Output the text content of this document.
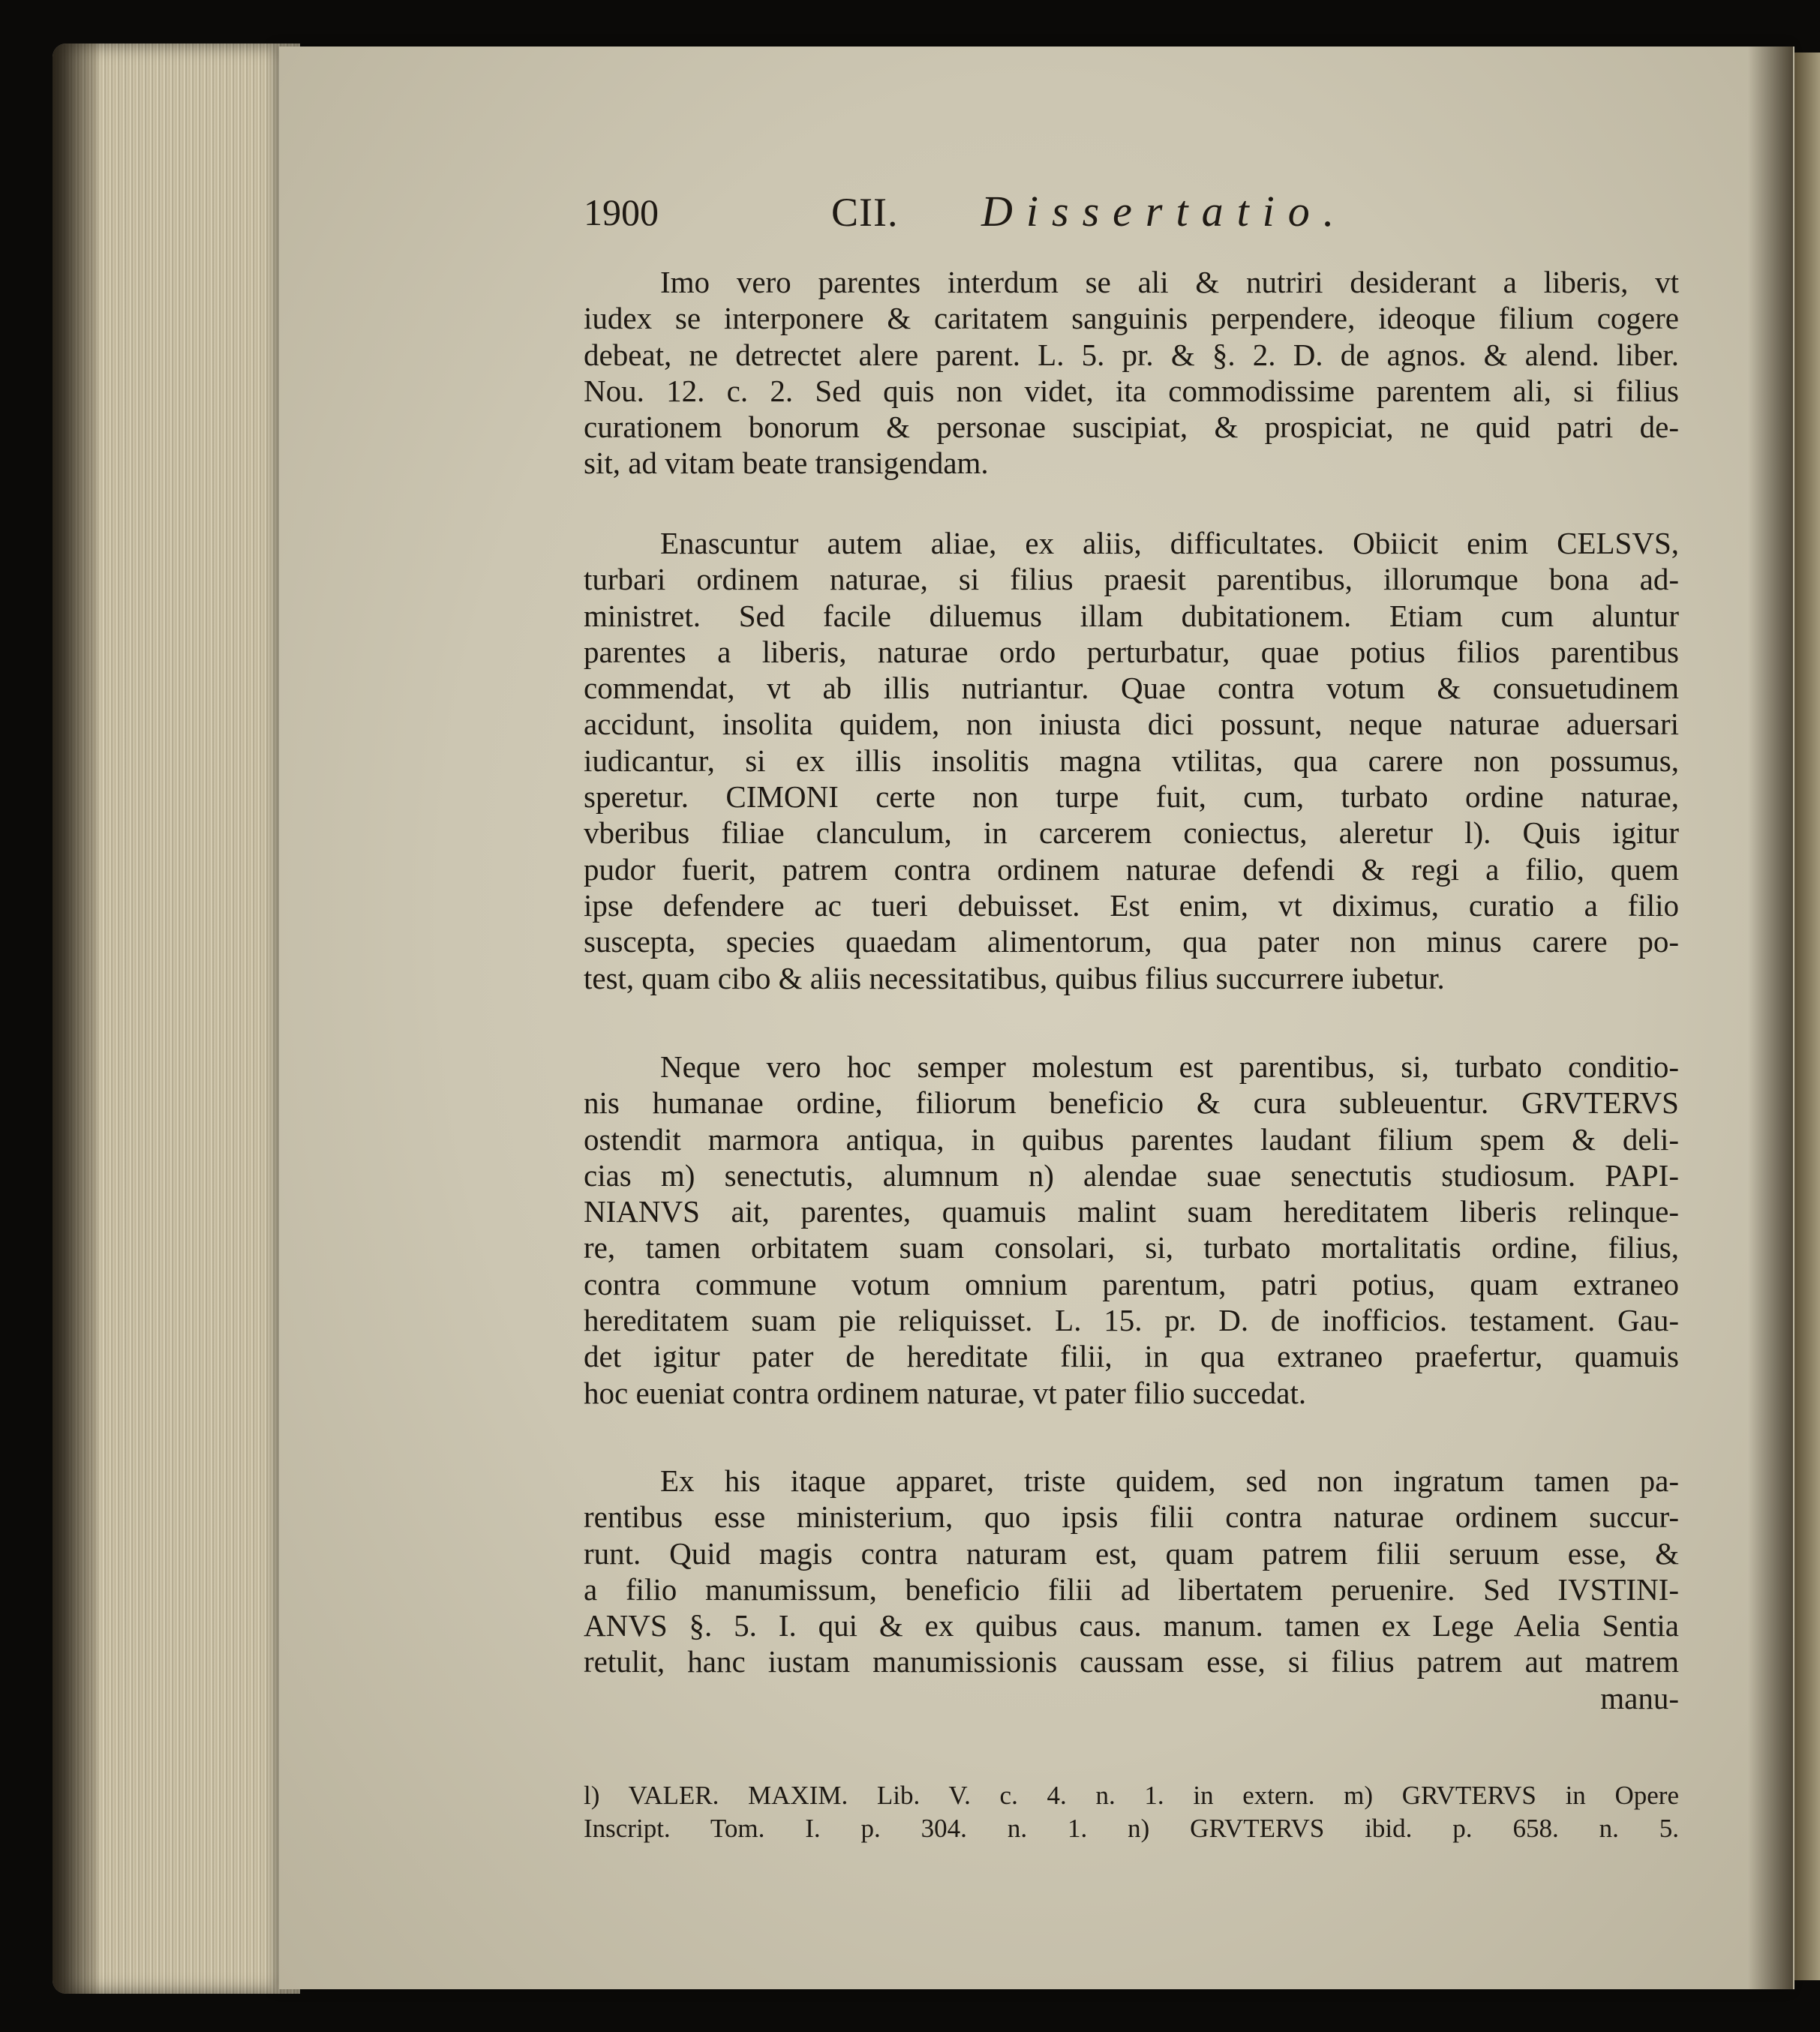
1900	CII. Dissertatio.
Imo vero parentes interdum se ali & nutriri desiderant a liberis, vt
iudex se interponere & caritatem sanguinis perpendere, ideoque filium cogere
debeat, ne detrectet alere parent. L. 5. pr. & §. 2. D. de agnos. & alend. liber.
Nou. 12. c. 2. Sed quis non videt, ita commodissime parentem ali, si filius
curationem bonorum & personae suscipiat, & prospiciat, ne quid patri de-
sit, ad vitam beate transigendam.
Enascuntur autem aliae, ex aliis, difficultates. Obiicit enim CELSVS,
turbari ordinem naturae, si filius praesit parentibus, illorumque bona ad-
ministret. Sed facile diluemus illam dubitationem. Etiam cum aluntur
parentes a liberis, naturae ordo perturbatur, quae potius filios parentibus
commendat, vt ab illis nutriantur. Quae contra votum & consuetudinem
accidunt, insolita quidem, non iniusta dici possunt, neque naturae aduersari
iudicantur, si ex illis insolitis magna vtilitas, qua carere non possumus,
speretur. CIMONI certe non turpe fuit, cum, turbato ordine naturae,
vberibus filiae clanculum, in carcerem coniectus, aleretur l). Quis igitur
pudor fuerit, patrem contra ordinem naturae defendi & regi a filio, quem
ipse defendere ac tueri debuisset. Est enim, vt diximus, curatio a filio
suscepta, species quaedam alimentorum, qua pater non minus carere po-
test, quam cibo & aliis necessitatibus, quibus filius succurrere iubetur.
Neque vero hoc semper molestum est parentibus, si, turbato conditio-
nis humanae ordine, filiorum beneficio & cura subleuentur. GRVTERVS
ostendit marmora antiqua, in quibus parentes laudant filium spem & deli-
cias m) senectutis, alumnum n) alendae suae senectutis studiosum. PAPI-
NIANVS ait, parentes, quamuis malint suam hereditatem liberis relinque-
re, tamen orbitatem suam consolari, si, turbato mortalitatis ordine, filius,
contra commune votum omnium parentum, patri potius, quam extraneo
hereditatem suam pie reliquisset. L. 15. pr. D. de inofficios. testament. Gau-
det igitur pater de hereditate filii, in qua extraneo praefertur, quamuis
hoc eueniat contra ordinem naturae, vt pater filio succedat.
Ex his itaque apparet, triste quidem, sed non ingratum tamen pa-
rentibus esse ministerium, quo ipsis filii contra naturae ordinem succur-
runt. Quid magis contra naturam est, quam patrem filii seruum esse, &
a filio manumissum, beneficio filii ad libertatem peruenire. Sed IVSTINI-
ANVS §. 5. I. qui & ex quibus caus. manum. tamen ex Lege Aelia Sentia
retulit, hanc iustam manumissionis caussam esse, si filius patrem aut matrem
manu-
l) VALER. MAXIM. Lib. V. c. 4. n. 1. in extern. m) GRVTERVS in Opere
Inscript. Tom. I. p. 304. n. 1. n) GRVTERVS ibid. p. 658. n. 5.
